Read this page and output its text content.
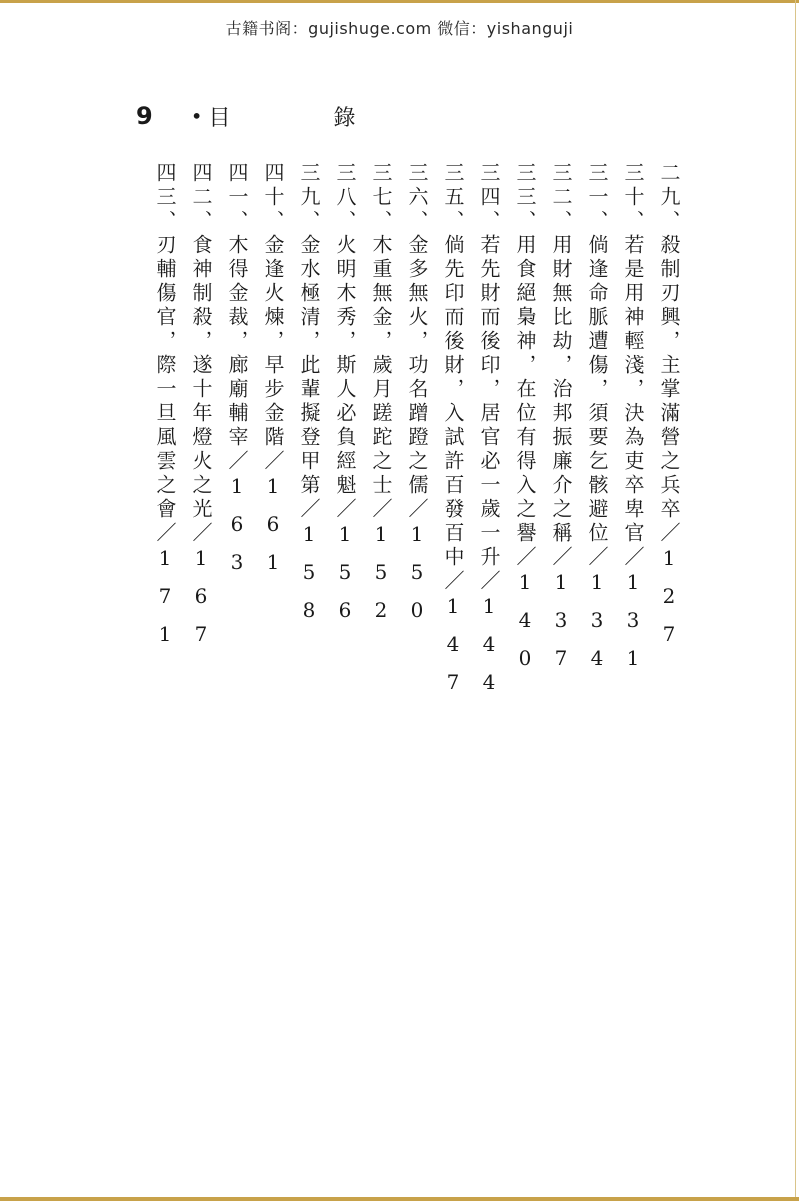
古籍书阁：gujishuge.com 微信：yishanguji
9 • 目 錄
二九、殺制刃興，主掌滿營之兵卒／127
三十、若是用神輕淺，決為吏卒卑官／131
三一、倘逢命脈遭傷，須要乞骸避位／134
三二、用財無比劫，治邦振廉介之稱／137
三三、用食絕梟神，在位有得入之譽／140
三四、若先財而後印，居官必一歲一升／144
三五、倘先印而後財，入試許百發百中／147
三六、金多無火，功名蹭蹬之儒／150
三七、木重無金，歲月蹉跎之士／152
三八、火明木秀，斯人必負經魁／156
三九、金水極清，此輩擬登甲第／158
四十、金逢火煉，早步金階／161
四一、木得金裁，廊廟輔宰／163
四二、食神制殺，遂十年燈火之光／167
四三、刃輔傷官，際一旦風雲之會／171
